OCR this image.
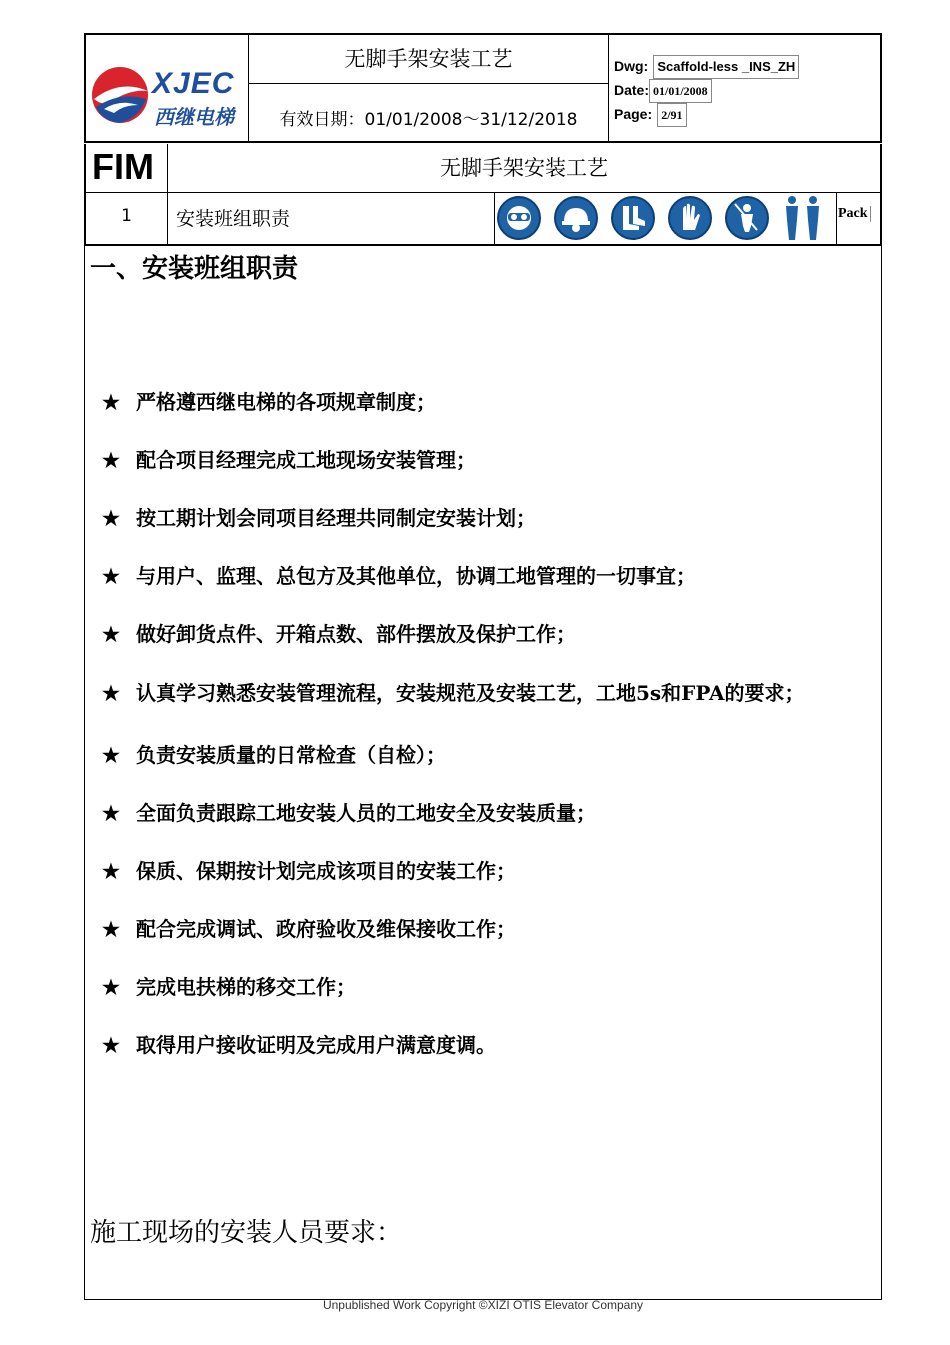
XJEC
西继电梯
无脚手架安装工艺
有效日期：01/01/2008～31/12/2018
Dwg: Scaffold-less _INS_ZH
Date: 01/01/2008
Page: 2/91
FIM	无脚手架安装工艺
1	安装班组职责	Pack
一、安装班组职责
★ 严格遵西继电梯的各项规章制度；
★ 配合项目经理完成工地现场安装管理；
★ 按工期计划会同项目经理共同制定安装计划；
★ 与用户、监理、总包方及其他单位，协调工地管理的一切事宜；
★ 做好卸货点件、开箱点数、部件摆放及保护工作；
★ 认真学习熟悉安装管理流程，安装规范及安装工艺，工地5s和FPA的要求；
★ 负责安装质量的日常检查（自检）；
★ 全面负责跟踪工地安装人员的工地安全及安装质量；
★ 保质、保期按计划完成该项目的安装工作；
★ 配合完成调试、政府验收及维保接收工作；
★ 完成电扶梯的移交工作；
★ 取得用户接收证明及完成用户满意度调。
施工现场的安装人员要求：
Unpublished Work Copyright ©XIZI OTIS Elevator Company
